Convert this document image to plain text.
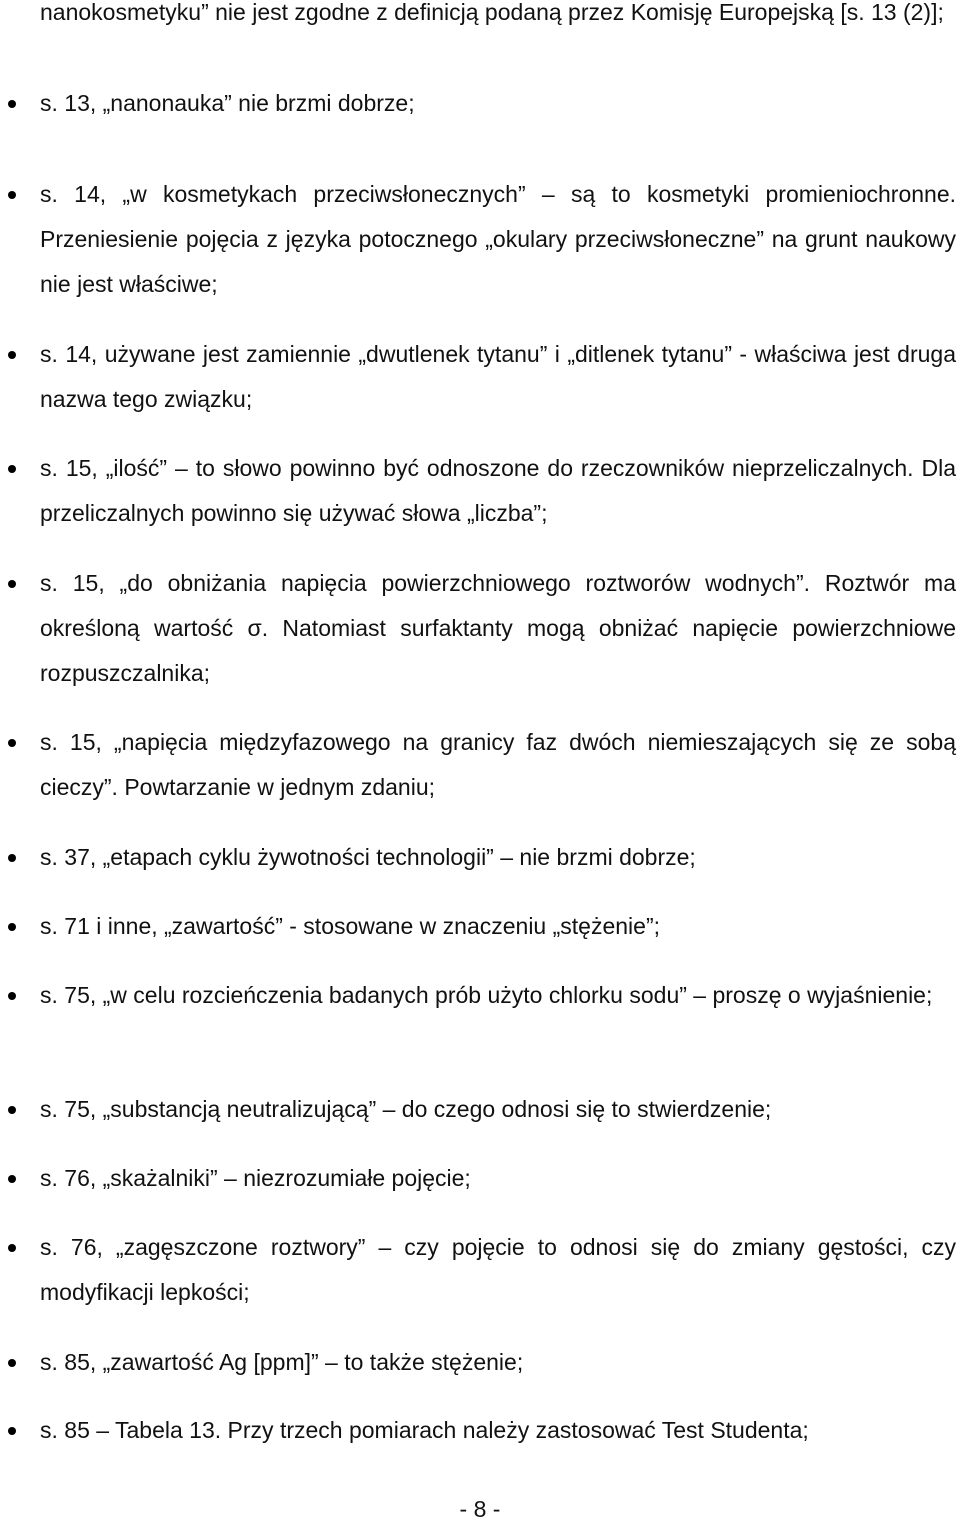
nanokosmetyku” nie jest zgodne z definicją podaną przez Komisję Europejską [s. 13 (2)];
s. 13, „nanonauka” nie brzmi dobrze;
s. 14, „w kosmetykach przeciwsłonecznych” – są to kosmetyki promieniochronne. Przeniesienie pojęcia z języka potocznego „okulary przeciwsłoneczne” na grunt naukowy nie jest właściwe;
s. 14, używane jest zamiennie „dwutlenek tytanu” i „ditlenek tytanu” - właściwa jest druga nazwa tego związku;
s. 15, „ilość” – to słowo powinno być odnoszone do rzeczowników nieprzeliczalnych. Dla przeliczalnych powinno się używać słowa „liczba”;
s. 15, „do obniżania napięcia powierzchniowego roztworów wodnych”. Roztwór ma określoną wartość σ. Natomiast surfaktanty mogą obniżać napięcie powierzchniowe rozpuszczalnika;
s. 15, „napięcia międzyfazowego na granicy faz dwóch niemieszających się ze sobą cieczy”. Powtarzanie w jednym zdaniu;
s. 37, „etapach cyklu żywotności technologii” – nie brzmi dobrze;
s. 71 i inne, „zawartość” - stosowane w znaczeniu „stężenie”;
s. 75, „w celu rozcieńczenia badanych prób użyto chlorku sodu” – proszę o wyjaśnienie;
s. 75, „substancją neutralizującą” – do czego odnosi się to stwierdzenie;
s. 76, „skażalniki” – niezrozumiałe pojęcie;
s. 76, „zagęszczone roztwory” – czy pojęcie to odnosi się do zmiany gęstości, czy modyfikacji lepkości;
s. 85, „zawartość Ag [ppm]” – to także stężenie;
s. 85 – Tabela 13. Przy trzech pomiarach należy zastosować Test Studenta;
- 8 -
